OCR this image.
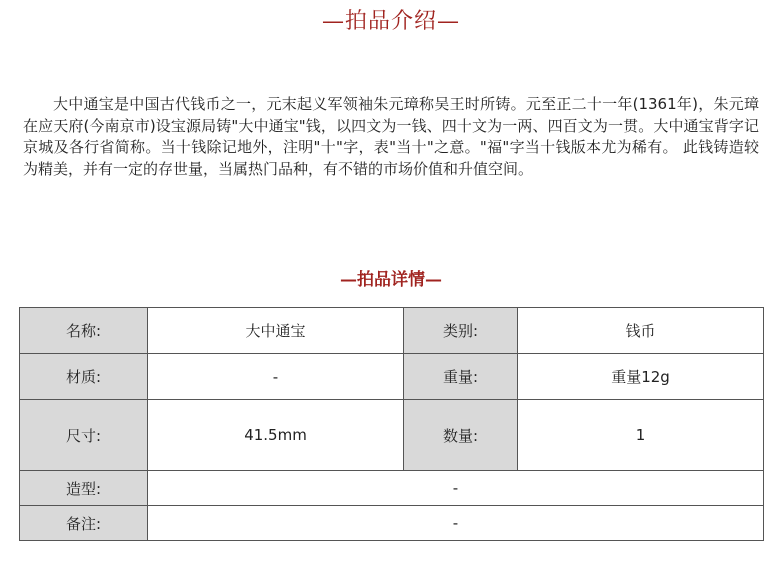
—拍品介绍—
大中通宝是中国古代钱币之一，元末起义军领袖朱元璋称吴王时所铸。元至正二十一年(1361年)，朱元璋在应天府(今南京市)设宝源局铸"大中通宝"钱，以四文为一钱、四十文为一两、四百文为一贯。大中通宝背字记京城及各行省简称。当十钱除记地外，注明"十"字，表"当十"之意。"福"字当十钱版本尤为稀有。 此钱铸造较为精美，并有一定的存世量，当属热门品种，有不错的市场价值和升值空间。
—拍品详情—
名称:	大中通宝	类别:	钱币
材质:	-	重量:	重量12g
尺寸:	41.5mm	数量:	1
造型:	-		
备注:	-		
